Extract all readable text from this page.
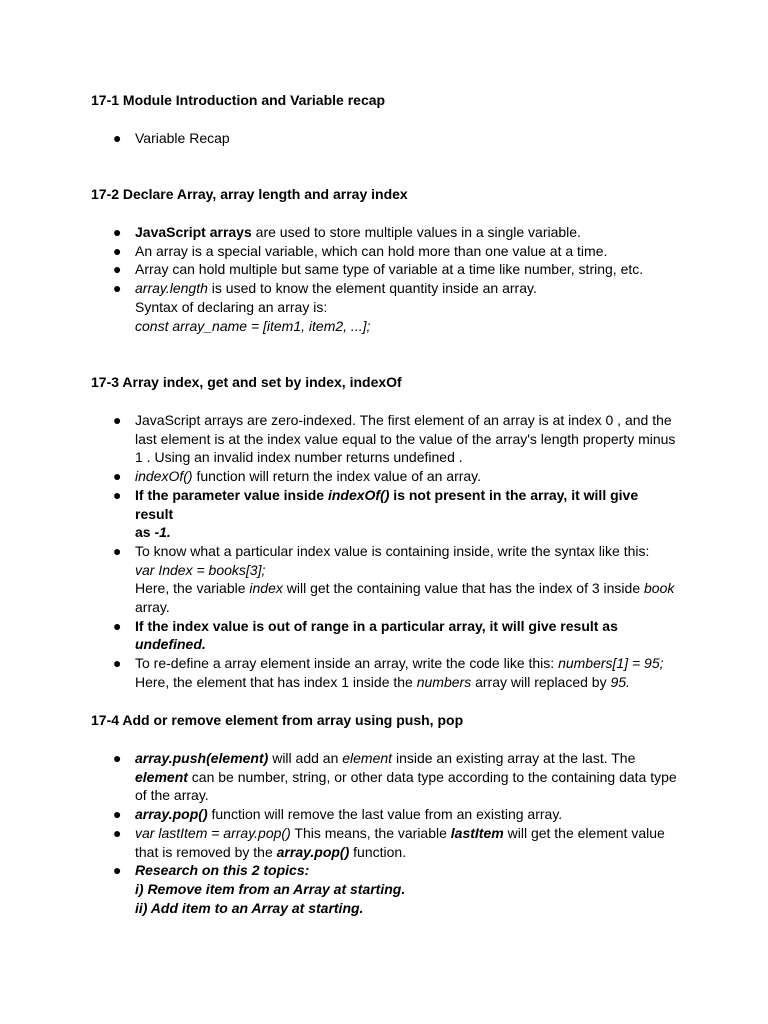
17-1 Module Introduction and Variable recap

● Variable Recap

17-2 Declare Array, array length and array index

● JavaScript arrays are used to store multiple values in a single variable.
● An array is a special variable, which can hold more than one value at a time.
● Array can hold multiple but same type of variable at a time like number, string, etc.
● array.length is used to know the element quantity inside an array.
Syntax of declaring an array is:
const array_name = [item1, item2, ...];

17-3 Array index, get and set by index, indexOf

● JavaScript arrays are zero-indexed. The first element of an array is at index 0 , and the
last element is at the index value equal to the value of the array's length property minus
1 . Using an invalid index number returns undefined .
● indexOf() function will return the index value of an array.
● If the parameter value inside indexOf() is not present in the array, it will give result
as -1.
● To know what a particular index value is containing inside, write the syntax like this:
var Index = books[3];
Here, the variable index will get the containing value that has the index of 3 inside book
array.
● If the index value is out of range in a particular array, it will give result as
undefined.
● To re-define a array element inside an array, write the code like this: numbers[1] = 95;
Here, the element that has index 1 inside the numbers array will replaced by 95.

17-4 Add or remove element from array using push, pop

● array.push(element) will add an element inside an existing array at the last. The
element can be number, string, or other data type according to the containing data type
of the array.
● array.pop() function will remove the last value from an existing array.
● var lastItem = array.pop() This means, the variable lastItem will get the element value
that is removed by the array.pop() function.
● Research on this 2 topics:
i) Remove item from an Array at starting.
ii) Add item to an Array at starting.
